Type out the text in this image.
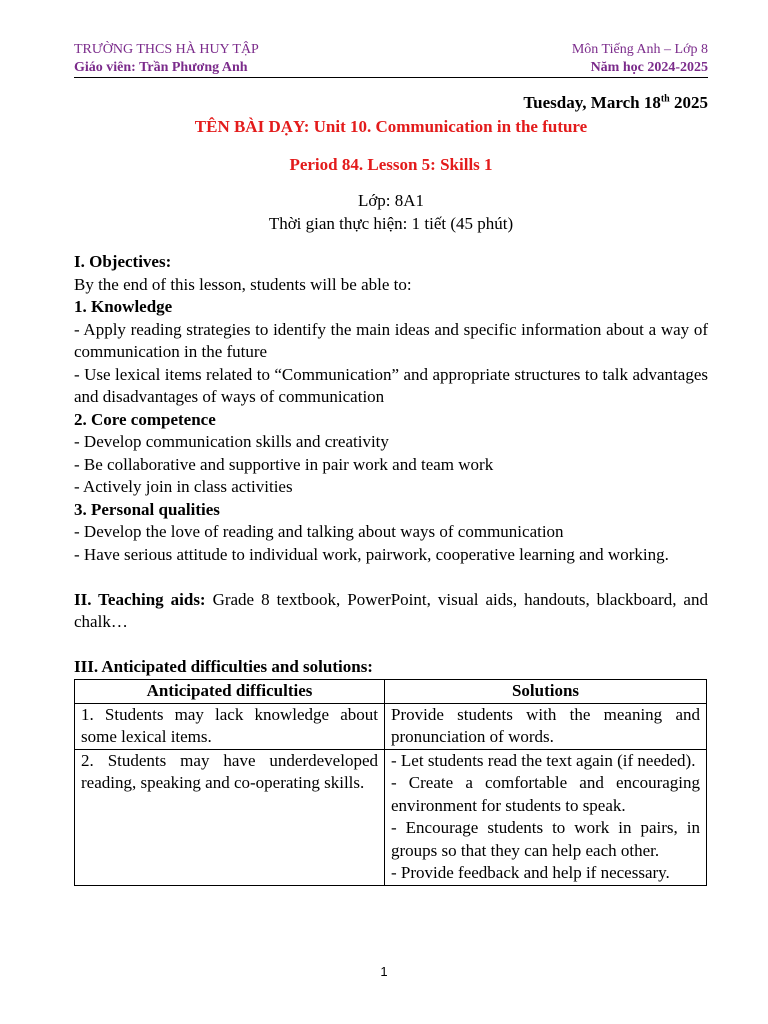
TRƯỜNG THCS HÀ HUY TẬP	Môn Tiếng Anh – Lớp 8
Giáo viên: Trần Phương Anh	Năm học 2024-2025
Tuesday, March 18th 2025
TÊN BÀI DẠY: Unit 10. Communication in the future
Period 84. Lesson 5: Skills 1
Lớp: 8A1
Thời gian thực hiện: 1 tiết (45 phút)

I. Objectives:

By the end of this lesson, students will be able to:

1. Knowledge

- Apply reading strategies to identify the main ideas and specific information about a way of communication in the future

- Use lexical items related to “Communication” and appropriate structures to talk advantages and disadvantages of ways of communication

2. Core competence

- Develop communication skills and creativity

- Be collaborative and supportive in pair work and team work

- Actively join in class activities

3. Personal qualities

- Develop the love of reading and talking about ways of communication

- Have serious attitude to individual work, pairwork, cooperative learning and working.

II. Teaching aids: Grade 8 textbook, PowerPoint, visual aids, handouts, blackboard, and chalk…

III. Anticipated difficulties and solutions:

Anticipated difficulties	Solutions
1. Students may lack knowledge about some lexical items.	Provide students with the meaning and pronunciation of words.

2. Students may have underdeveloped reading, speaking and co-operating skills.	- Let students read the text again (if needed).
- Create a comfortable and encouraging environment for students to speak.
- Encourage students to work in pairs, in groups so that they can help each other.
- Provide feedback and help if necessary.
1
